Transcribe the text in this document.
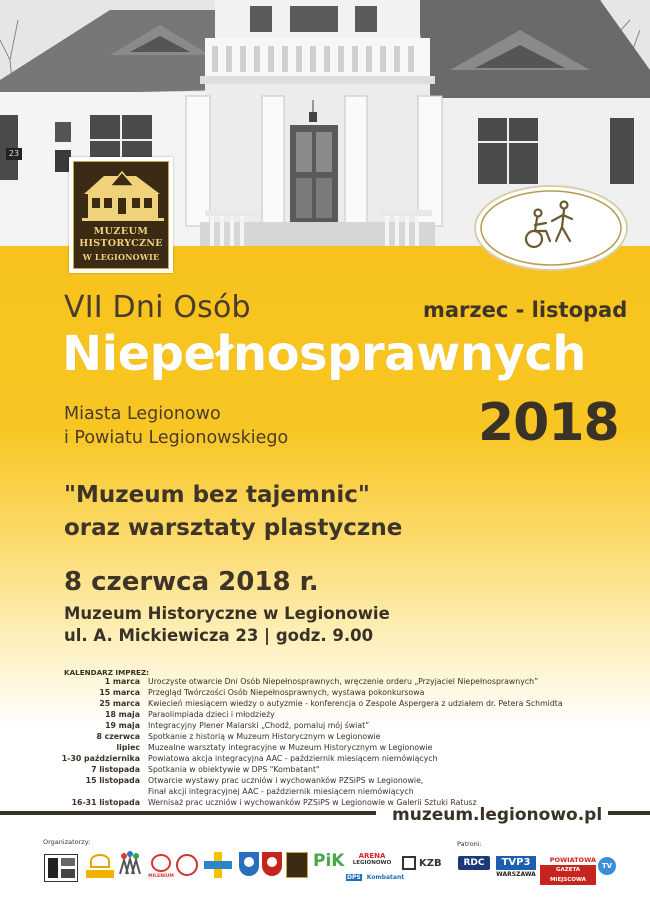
23
MUZEUM
HISTORYCZNE
W LEGIONOWIE
VII Dni Osób	marzec - listopad
Niepełnosprawnych
Miasta Legionowo
i Powiatu Legionowskiego	2018
"Muzeum bez tajemnic"
oraz warsztaty plastyczne
8 czerwca 2018 r.
Muzeum Historyczne w Legionowie
ul. A. Mickiewicza 23 | godz. 9.00
KALENDARZ IMPREZ:
1 marca Uroczyste otwarcie Dni Osób Niepełnosprawnych, wręczenie orderu „Przyjaciel Niepełnosprawnych”
15 marca Przegląd Twórczości Osób Niepełnosprawnych, wystawa pokonkursowa
25 marca Kwiecień miesiącem wiedzy o autyzmie - konferencja o Zespole Aspergera z udziałem dr. Petera Schmidta
18 maja Paraolimpiada dzieci i młodzieży
19 maja Integracyjny Plener Malarski „Chodź, pomaluj mój świat”
8 czerwca Spotkanie z historią w Muzeum Historycznym w Legionowie
lipiec Muzealne warsztaty integracyjne w Muzeum Historycznym w Legionowie
1-30 października Powiatowa akcja integracyjna AAC - październik miesiącem niemówiących
7 listopada Spotkania w obiektywie w DPS "Kombatant"
15 listopada Otwarcie wystawy prac uczniów i wychowanków PZSiPS w Legionowie,
Finał akcji integracyjnej AAC - październik miesiącem niemówiących
16-31 listopada Wernisaż prac uczniów i wychowanków PZSiPS w Legionowie w Galerii Sztuki Ratusz
muzeum.legionowo.pl
Organizatorzy:	Patroni:
MILENIUM
PiK	ARENA
LEGIONOWO
DPS Kombatant
KZB	RDC	TVP3
WARSZAWA
POWIATOWA
GAZETA MIEJSCOWA
TV
